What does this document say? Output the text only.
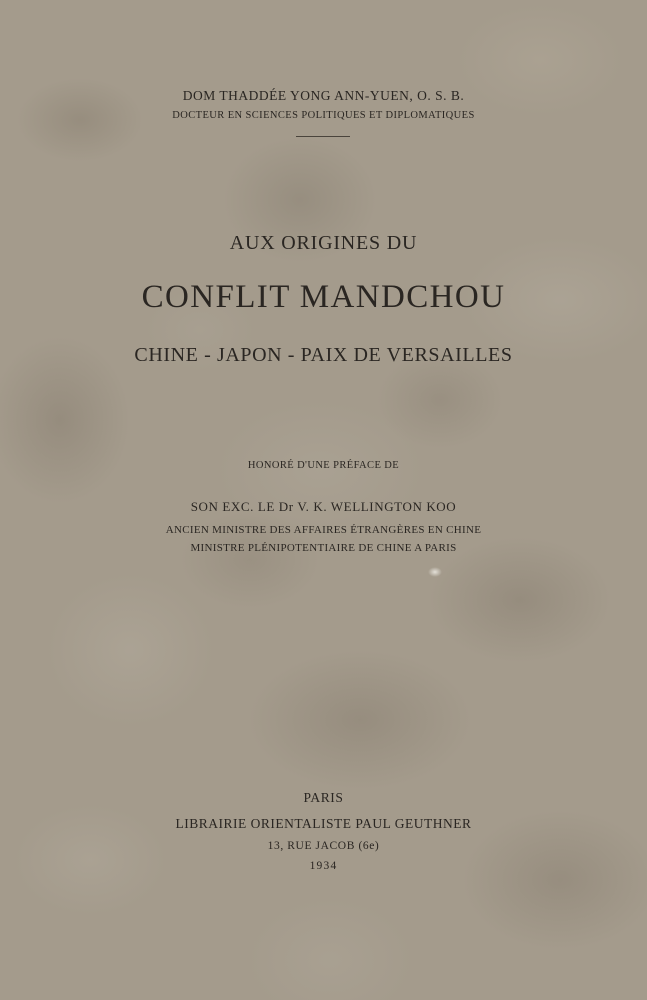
DOM THADDÉE YONG ANN-YUEN, O. S. B.
DOCTEUR EN SCIENCES POLITIQUES ET DIPLOMATIQUES
AUX ORIGINES DU
CONFLIT MANDCHOU
CHINE - JAPON - PAIX DE VERSAILLES
HONORÉ D'UNE PRÉFACE DE
SON EXC. LE Dr V. K. WELLINGTON KOO
ANCIEN MINISTRE DES AFFAIRES ÉTRANGÈRES EN CHINE
MINISTRE PLÉNIPOTENTIAIRE DE CHINE A PARIS
PARIS
LIBRAIRIE ORIENTALISTE PAUL GEUTHNER
13, RUE JACOB (6e)
1934
